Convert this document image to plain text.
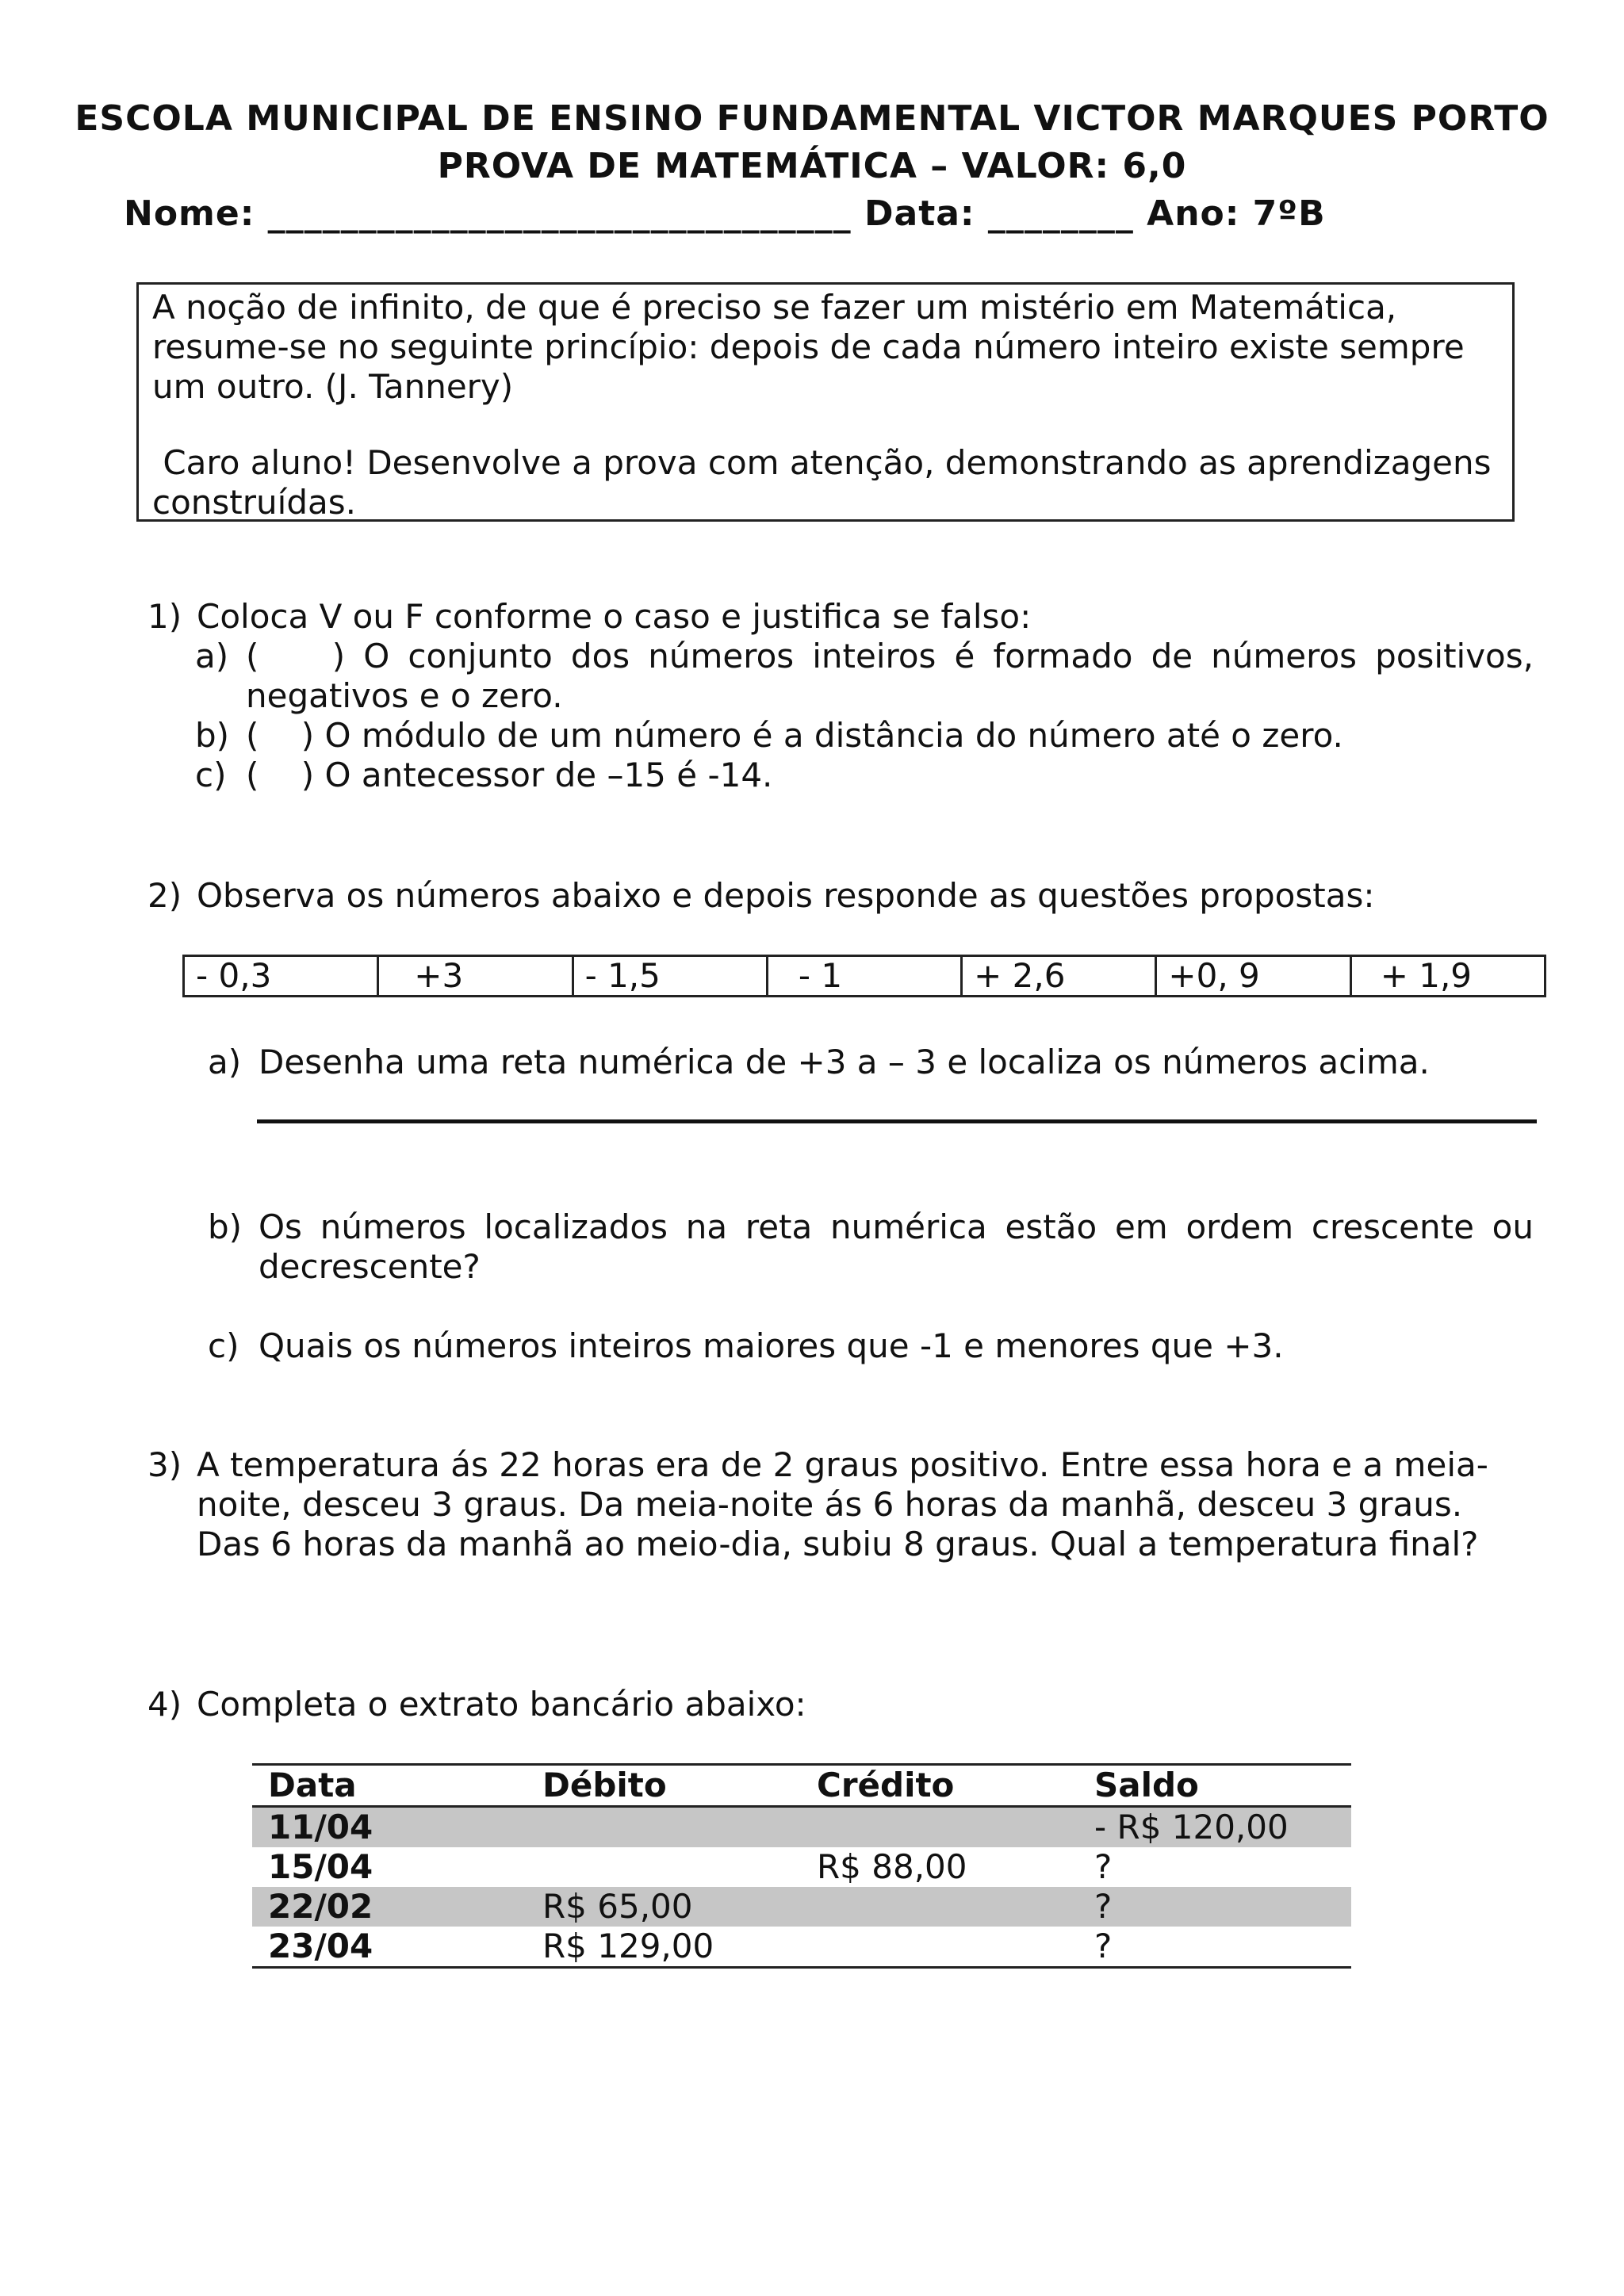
ESCOLA MUNICIPAL DE ENSINO FUNDAMENTAL VICTOR MARQUES PORTO
PROVA DE MATEMÁTICA – VALOR: 6,0
Nome: ________________________________ Data: ________ Ano: 7ºB
A noção de infinito, de que é preciso se fazer um mistério em Matemática,
resume-se no seguinte princípio: depois de cada número inteiro existe sempre
um outro. (J. Tannery)
Caro aluno! Desenvolve a prova com atenção, demonstrando as aprendizagens
construídas.
1) Coloca V ou F conforme o caso e justifica se falso:
a) (    ) O conjunto dos números inteiros é formado de números positivos,
negativos e o zero.
b) (    ) O módulo de um número é a distância do número até o zero.
c) (    ) O antecessor de –15 é -14.
2) Observa os números abaixo e depois responde as questões propostas:
- 0,3	+3	- 1,5	- 1	+ 2,6	+0, 9	+ 1,9
a) Desenha uma reta numérica de +3 a – 3 e localiza os números acima.
b) Os números localizados na reta numérica estão em ordem crescente ou
decrescente?
c) Quais os números inteiros maiores que -1 e menores que +3.
3) A temperatura ás 22 horas era de 2 graus positivo. Entre essa hora e a meia-
noite, desceu 3 graus. Da meia-noite ás 6 horas da manhã, desceu 3 graus.
Das 6 horas da manhã ao meio-dia, subiu 8 graus. Qual a temperatura final?
4) Completa o extrato bancário abaixo:
Data	Débito	Crédito	Saldo
11/04			- R$ 120,00
15/04		R$ 88,00	?
22/02	R$ 65,00		?
23/04	R$ 129,00		?
